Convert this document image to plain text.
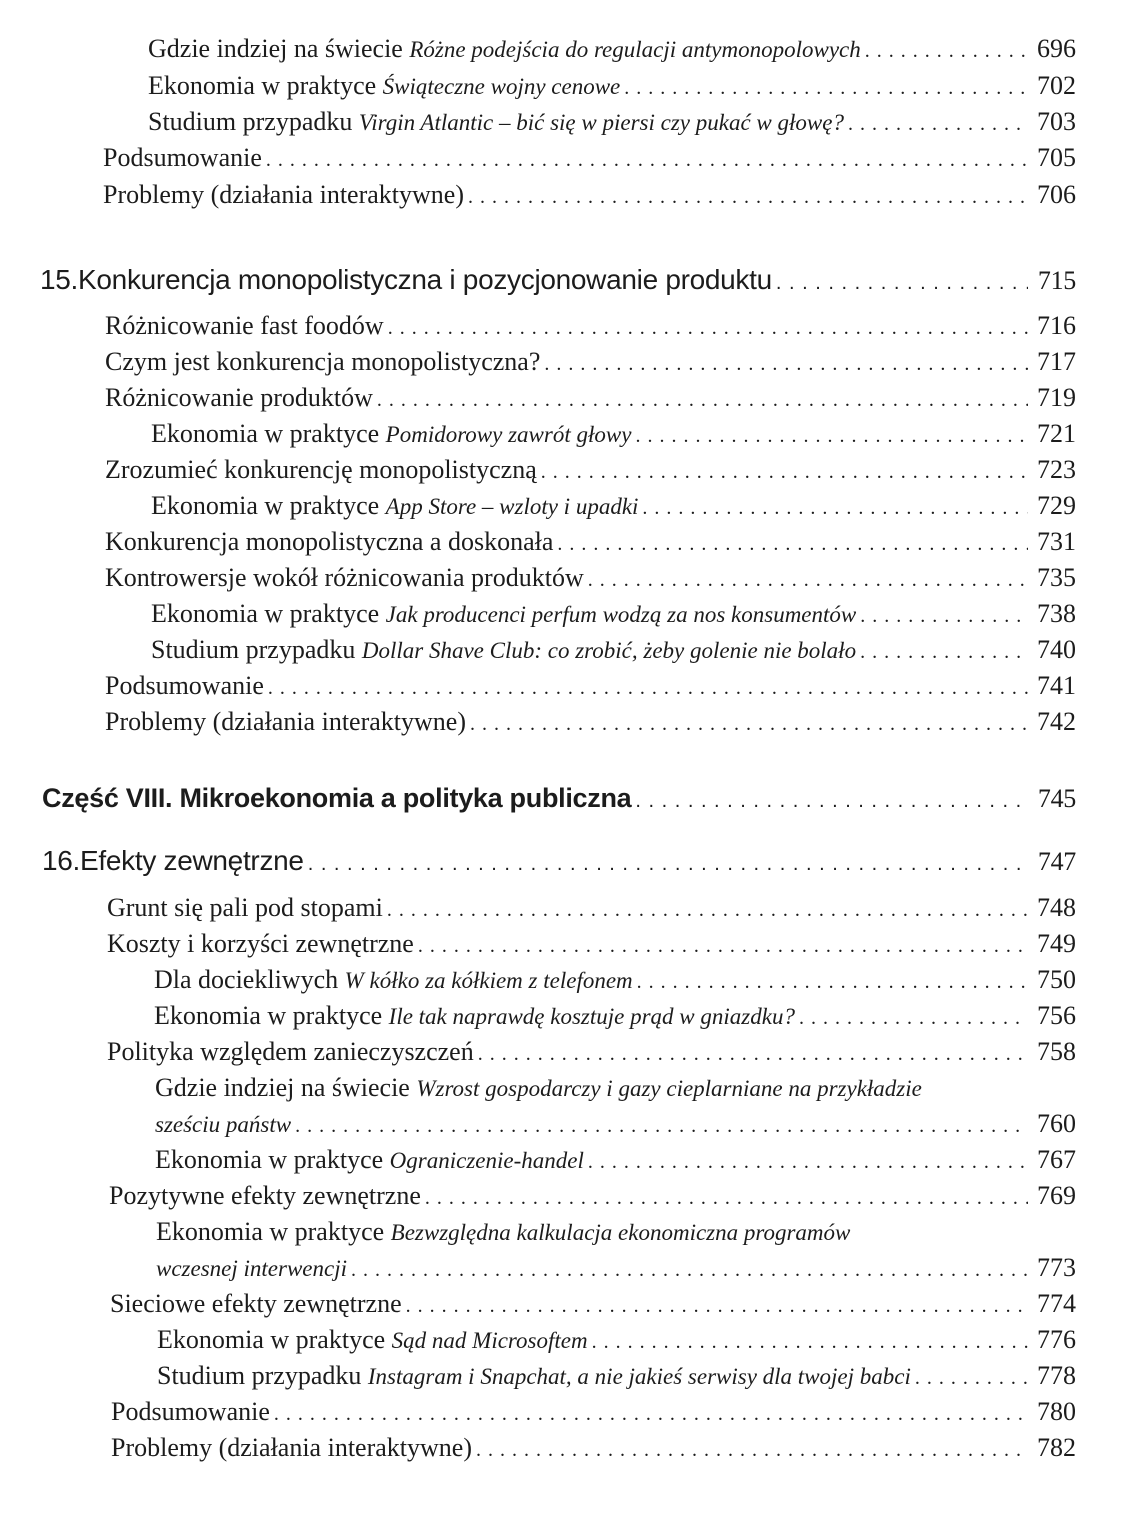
Gdzie indziej na świecie
Różne podejścia do regulacji antymonopolowych . . .	696
Ekonomia w praktyce
Świąteczne wojny cenowe . . .	702
Studium przypadku
Virgin Atlantic – bić się w piersi czy pukać w głowę? . . .	703
Podsumowanie . . .	705
Problemy (działania interaktywne) . . .	706
15. Konkurencja monopolistyczna i pozycjonowanie produktu . . .	715
Różnicowanie fast foodów . . .	716
Czym jest konkurencja monopolistyczna? . . .	717
Różnicowanie produktów . . .	719
Ekonomia w praktyce
Pomidorowy zawrót głowy . . .	721
Zrozumieć konkurencję monopolistyczną . . .	723
Ekonomia w praktyce
App Store – wzloty i upadki . . .	729
Konkurencja monopolistyczna a doskonała . . .	731
Kontrowersje wokół różnicowania produktów . . .	735
Ekonomia w praktyce
Jak producenci perfum wodzą za nos konsumentów . . .	738
Studium przypadku
Dollar Shave Club: co zrobić, żeby golenie nie bolało . . .	740
Podsumowanie . . .	741
Problemy (działania interaktywne) . . .	742
Część VIII. Mikroekonomia a polityka publiczna . . .	745
16. Efekty zewnętrzne . . .	747
Grunt się pali pod stopami . . .	748
Koszty i korzyści zewnętrzne . . .	749
Dla dociekliwych
W kółko za kółkiem z telefonem . . .	750
Ekonomia w praktyce
Ile tak naprawdę kosztuje prąd w gniazdku? . . .	756
Polityka względem zanieczyszczeń . . .	758
Gdzie indziej na świecie Wzrost gospodarczy i gazy cieplarniane na przykładzie
sześciu państw . . .	760
Ekonomia w praktyce
Ograniczenie-handel . . .	767
Pozytywne efekty zewnętrzne . . .	769
Ekonomia w praktyce Bezwzględna kalkulacja ekonomiczna programów
wczesnej interwencji . . .	773
Sieciowe efekty zewnętrzne . . .	774
Ekonomia w praktyce
Sąd nad Microsoftem . . .	776
Studium przypadku
Instagram i Snapchat, a nie jakieś serwisy dla twojej babci . . .	778
Podsumowanie . . .	780
Problemy (działania interaktywne) . . .	782
